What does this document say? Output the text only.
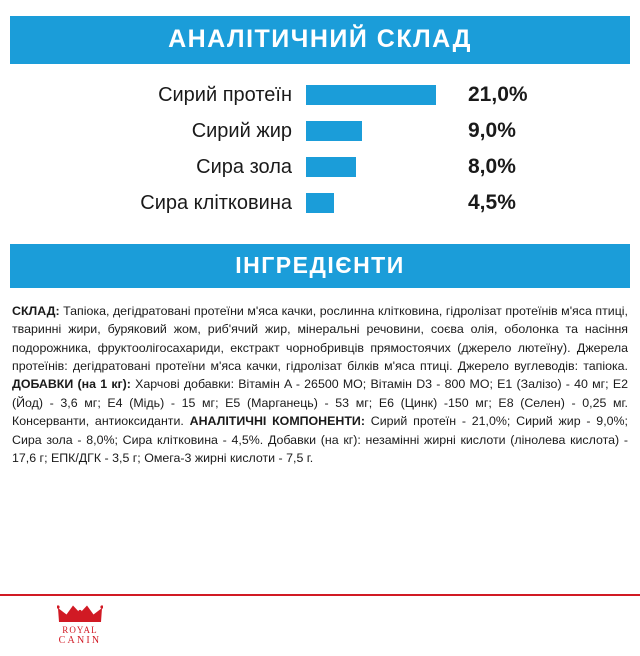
АНАЛІТИЧНИЙ СКЛАД
Сирий протеїн	21,0%
Сирий жир	9,0%
Сира зола	8,0%
Сира клітковина	4,5%
ІНГРЕДІЄНТИ

СКЛАД: Тапіока, дегідратовані протеїни м'яса качки, рослинна клітковина, гідролізат протеїнів м'яса птиці, тваринні жири, буряковий жом, риб'ячий жир, мінеральні речовини, соєва олія, оболонка та насіння подорожника, фруктоолігосахариди, екстракт чорнобривців прямостоячих (джерело лютеїну). Джерела протеїнів: дегідратовані протеїни м'яса качки, гідролізат білків м'яса птиці. Джерело вуглеводів: тапіока. ДОБАВКИ (на 1 кг): Харчові добавки: Вітамін A - 26500 МО; Вітамін D3 - 800 МО; E1 (Залізо) - 40 мг; E2 (Йод) - 3,6 мг; E4 (Мідь) - 15 мг; E5 (Марганець) - 53 мг; E6 (Цинк) -150 мг; E8 (Селен) - 0,25 мг. Консерванти, антиоксиданти. АНАЛІТИЧНІ КОМПОНЕНТИ: Сирий протеїн - 21,0%; Сирий жир - 9,0%; Сира зола - 8,0%; Сира клітковина - 4,5%. Добавки (на кг): незамінні жирні кислоти (лінолева кислота) - 17,6 г; ЕПК/ДГК - 3,5 г; Омега-3 жирні кислоти - 7,5 г.

ROYAL
CANIN
